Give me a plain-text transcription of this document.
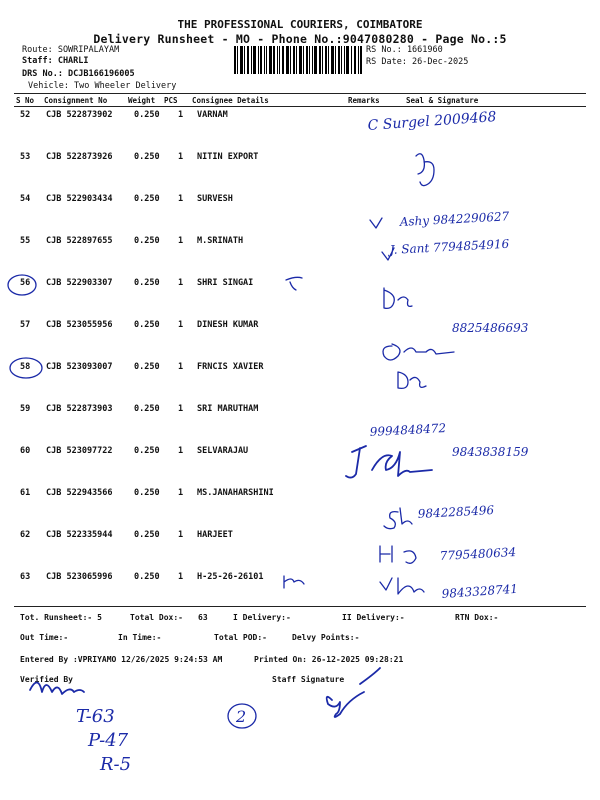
THE PROFESSIONAL COURIERS, COIMBATORE
Delivery Runsheet - MO - Phone No.:9047080280 - Page No.:5
Route: SOWRIPALAYAM
Staff: CHARLI
DRS No.: DCJB166196005
Vehicle: Two Wheeler Delivery
RS No.: 1661960
RS Date: 26-Dec-2025
S No Consignment No	Weight PCS Consignee Details	Remarks	Seal & Signature
52 CJB 522873902	0.250 1 VARNAM
53 CJB 522873926	0.250 1 NITIN EXPORT
54 CJB 522903434	0.250 1 SURVESH
55 CJB 522897655	0.250 1 M.SRINATH
56 CJB 522903307	0.250 1 SHRI SINGAI
57 CJB 523055956	0.250 1 DINESH KUMAR
58 CJB 523093007	0.250 1 FRNCIS XAVIER
59 CJB 522873903	0.250 1 SRI MARUTHAM
60 CJB 523097722	0.250 1 SELVARAJAU
61 CJB 522943566	0.250 1 MS.JANAHARSHINI
62 CJB 522335944	0.250 1 HARJEET
63 CJB 523065996	0.250 1 H-25-26-26101
Tot. Runsheet:- 5	Total Dox:- 63	I Delivery:-	II Delivery:-	RTN Dox:-
Out Time:-	In Time:-	Total POD:-	Delvy Points:-
Entered By :VPRIYAMO 12/26/2025 9:24:53 AM	Printed On: 26-12-2025 09:28:21
Verified By	Staff Signature
C Surgel 2009468
Ashy 9842290627
J. Sant 7794854916
8825486693
9994848472
9843838159
9842285496
7795480634
9843328741
T-63
P-47
R-5
2
